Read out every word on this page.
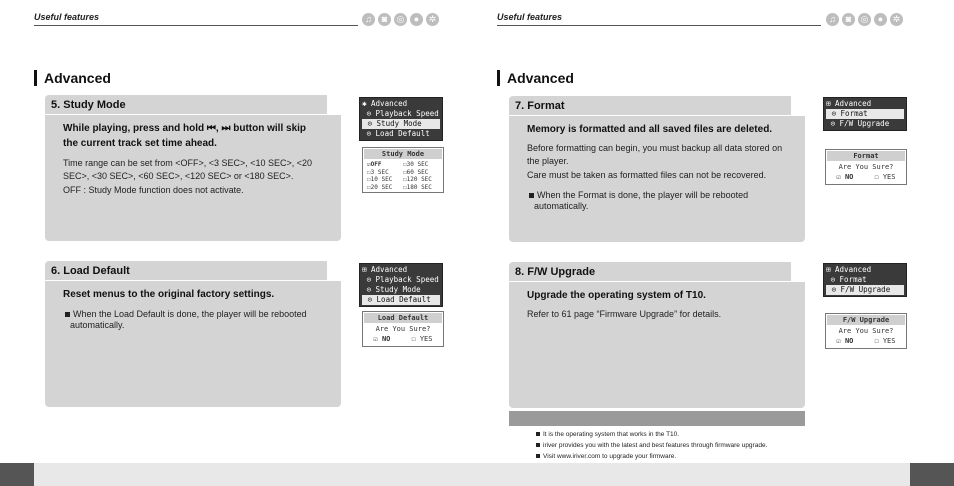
Useful features	♫	◙	◎	●	✲
Advanced
5. Study Mode
While playing, press and hold ⏮, ⏭ button will skip
the current track set time ahead.
Time range can be set from <OFF>, <3 SEC>, <10 SEC>, <20
SEC>, <30 SEC>, <60 SEC>, <120 SEC> or <180 SEC>.
OFF : Study Mode function does not activate.
6. Load Default
Reset menus to the original factory settings.
When the Load Default is done, the player will be rebooted
automatically.
✱ Advanced
⊙ Playback Speed
⊙ Study Mode
⊙ Load Default
Study Mode
☑OFF	☐30 SEC
☐3 SEC	☐60 SEC
☐10 SEC	☐120 SEC
☐20 SEC	☐180 SEC
⊞ Advanced
⊙ Playback Speed
⊙ Study Mode
⊙ Load Default
Load Default
Are You Sure?
☑ NO	☐ YES
Useful features	♫	◙	◎	●	✲
Advanced
7. Format
Memory is formatted and all saved files are deleted.
Before formatting can begin, you must backup all data stored on
the player.
Care must be taken as formatted files can not be recovered.
When the Format is done, the player will be rebooted
automatically.
8. F/W Upgrade
Upgrade the operating system of T10.
Refer to 61 page “Firmware Upgrade” for details.
⊞ Advanced
⊙ Format
⊙ F/W Upgrade
Format
Are You Sure?
☑ NO	☐ YES
⊞ Advanced
⊙ Format
⊙ F/W Upgrade
F/W Upgrade
Are You Sure?
☑ NO	☐ YES
It is the operating system that works in the T10.
iriver provides you with the latest and best features through firmware upgrade.
Visit www.iriver.com to upgrade your firmware.
